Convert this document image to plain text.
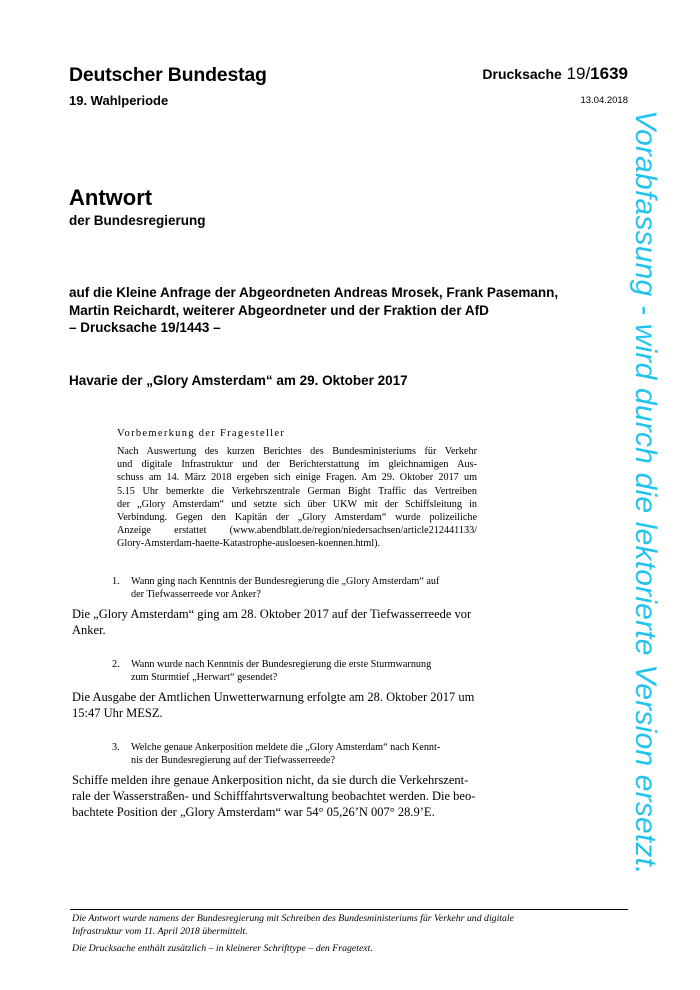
Deutscher Bundestag
19. Wahlperiode
Drucksache 19/1639
13.04.2018
Antwort
der Bundesregierung
auf die Kleine Anfrage der Abgeordneten Andreas Mrosek, Frank Pasemann,
Martin Reichardt, weiterer Abgeordneter und der Fraktion der AfD
– Drucksache 19/1443 –
Havarie der „Glory Amsterdam“ am 29. Oktober 2017
Vorbemerkung der Fragesteller
Nach Auswertung des kurzen Berichtes des Bundesministeriums für Verkehr
und digitale Infrastruktur und der Berichterstattung im gleichnamigen Aus-
schuss am 14. März 2018 ergeben sich einige Fragen. Am 29. Oktober 2017 um
5.15 Uhr bemerkte die Verkehrszentrale German Bight Traffic das Vertreiben
der „Glory Amsterdam“ und setzte sich über UKW mit der Schiffsleitung in
Verbindung. Gegen den Kapitän der „Glory Amsterdam“ wurde polizeiliche
Anzeige erstattet (www.abendblatt.de/region/niedersachsen/article212441133/
Glory-Amsterdam-haette-Katastrophe-ausloesen-koennen.html).
1. Wann ging nach Kenntnis der Bundesregierung die „Glory Amsterdam“ auf
der Tiefwasserreede vor Anker?
Die „Glory Amsterdam“ ging am 28. Oktober 2017 auf der Tiefwasserreede vor
Anker.
2. Wann wurde nach Kenntnis der Bundesregierung die erste Sturmwarnung
zum Sturmtief „Herwart“ gesendet?
Die Ausgabe der Amtlichen Unwetterwarnung erfolgte am 28. Oktober 2017 um
15:47 Uhr MESZ.
3. Welche genaue Ankerposition meldete die „Glory Amsterdam“ nach Kennt-
nis der Bundesregierung auf der Tiefwasserreede?
Schiffe melden ihre genaue Ankerposition nicht, da sie durch die Verkehrszent-
rale der Wasserstraßen- und Schifffahrtsverwaltung beobachtet werden. Die beo-
bachtete Position der „Glory Amsterdam“ war 54° 05,26’N 007° 28.9’E.
Die Antwort wurde namens der Bundesregierung mit Schreiben des Bundesministeriums für Verkehr und digitale
Infrastruktur vom 11. April 2018 übermittelt.
Die Drucksache enthält zusätzlich – in kleinerer Schrifttype – den Fragetext.
Vorabfassung - wird durch die lektorierte Version ersetzt.
